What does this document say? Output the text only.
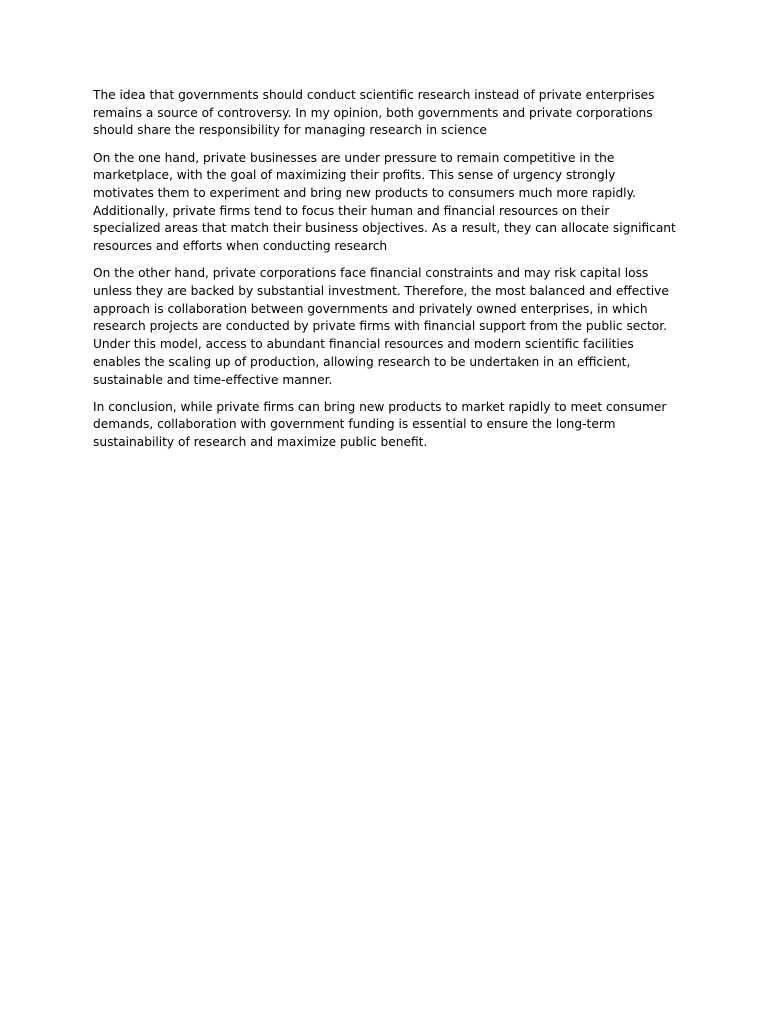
The idea that governments should conduct scientific research instead of private enterprises remains a source of controversy. In my opinion, both governments and private corporations should share the responsibility for managing research in science

On the one hand, private businesses are under pressure to remain competitive in the marketplace, with the goal of maximizing their profits. This sense of urgency strongly motivates them to experiment and bring new products to consumers much more rapidly. Additionally, private firms tend to focus their human and financial resources on their specialized areas that match their business objectives. As a result, they can allocate significant resources and efforts when conducting research

On the other hand, private corporations face financial constraints and may risk capital loss unless they are backed by substantial investment. Therefore, the most balanced and effective approach is collaboration between governments and privately owned enterprises, in which research projects are conducted by private firms with financial support from the public sector. Under this model, access to abundant financial resources and modern scientific facilities enables the scaling up of production, allowing research to be undertaken in an efficient, sustainable and time-effective manner.

In conclusion, while private firms can bring new products to market rapidly to meet consumer demands, collaboration with government funding is essential to ensure the long-term sustainability of research and maximize public benefit.
